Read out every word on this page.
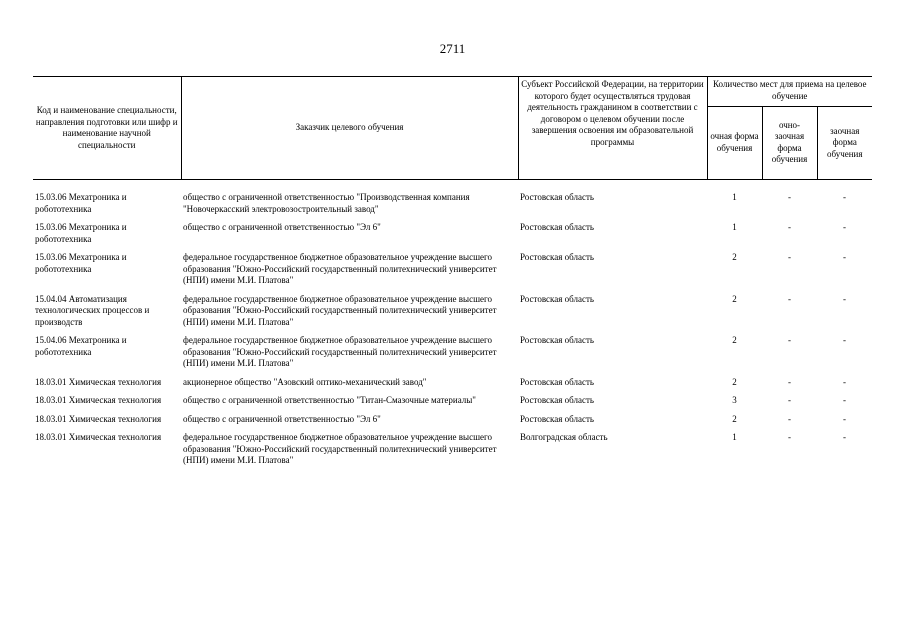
2711
Код и наименование специальности, направления подготовки или шифр и наименование научной специальности	Заказчик целевого обучения	Субъект Российской Федерации, на территории которого будет осуществляться трудовая деятельность гражданином в соответствии с договором о целевом обучении после завершения освоения им образовательной программы	Количество мест для приема на целевое обучение		
			очная форма обучения	очно-заочная форма обучения	заочная форма обучения

15.03.06 Мехатроника и робототехника	общество с ограниченной ответственностью "Производственная компания "Новочеркасский электровозостроительный завод"	Ростовская область	1	-	-
15.03.06 Мехатроника и робототехника	общество с ограниченной ответственностью "Эл 6"	Ростовская область	1	-	-
15.03.06 Мехатроника и робототехника	федеральное государственное бюджетное образовательное учреждение высшего образования "Южно-Российский государственный политехнический университет (НПИ) имени М.И. Платова"	Ростовская область	2	-	-
15.04.04 Автоматизация технологических процессов и производств	федеральное государственное бюджетное образовательное учреждение высшего образования "Южно-Российский государственный политехнический университет (НПИ) имени М.И. Платова"	Ростовская область	2	-	-
15.04.06 Мехатроника и робототехника	федеральное государственное бюджетное образовательное учреждение высшего образования "Южно-Российский государственный политехнический университет (НПИ) имени М.И. Платова"	Ростовская область	2	-	-
18.03.01 Химическая технология	акционерное общество "Азовский оптико-механический завод"	Ростовская область	2	-	-
18.03.01 Химическая технология	общество с ограниченной ответственностью "Титан-Смазочные материалы"	Ростовская область	3	-	-
18.03.01 Химическая технология	общество с ограниченной ответственностью "Эл 6"	Ростовская область	2	-	-
18.03.01 Химическая технология	федеральное государственное бюджетное образовательное учреждение высшего образования "Южно-Российский государственный политехнический университет (НПИ) имени М.И. Платова"	Волгоградская область	1	-	-
